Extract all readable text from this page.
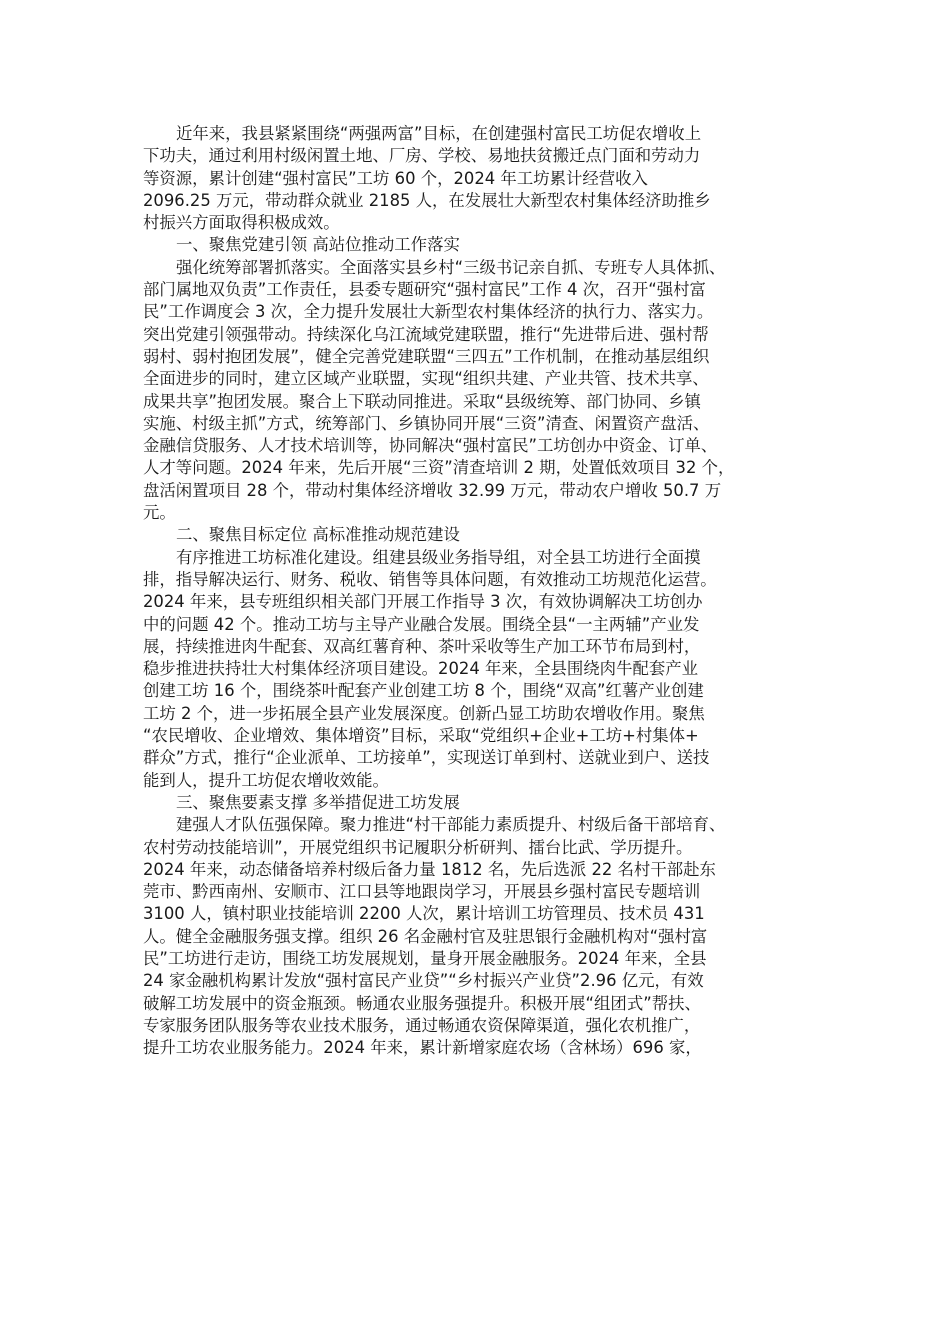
近年来，我县紧紧围绕“两强两富”目标，在创建强村富民工坊促农增收上
下功夫，通过利用村级闲置土地、厂房、学校、易地扶贫搬迁点门面和劳动力
等资源，累计创建“强村富民”工坊 60 个，2024 年工坊累计经营收入
2096.25 万元，带动群众就业 2185 人，在发展壮大新型农村集体经济助推乡
村振兴方面取得积极成效。
一、聚焦党建引领 高站位推动工作落实
强化统筹部署抓落实。全面落实县乡村“三级书记亲自抓、专班专人具体抓、
部门属地双负责”工作责任，县委专题研究“强村富民”工作 4 次，召开“强村富
民”工作调度会 3 次，全力提升发展壮大新型农村集体经济的执行力、落实力。
突出党建引领强带动。持续深化乌江流域党建联盟，推行“先进带后进、强村帮
弱村、弱村抱团发展”，健全完善党建联盟“三四五”工作机制，在推动基层组织
全面进步的同时，建立区域产业联盟，实现“组织共建、产业共管、技术共享、
成果共享”抱团发展。聚合上下联动同推进。采取“县级统筹、部门协同、乡镇
实施、村级主抓”方式，统筹部门、乡镇协同开展“三资”清查、闲置资产盘活、
金融信贷服务、人才技术培训等，协同解决“强村富民”工坊创办中资金、订单、
人才等问题。2024 年来，先后开展“三资”清查培训 2 期，处置低效项目 32 个，
盘活闲置项目 28 个，带动村集体经济增收 32.99 万元，带动农户增收 50.7 万
元。
二、聚焦目标定位 高标准推动规范建设
有序推进工坊标准化建设。组建县级业务指导组，对全县工坊进行全面摸
排，指导解决运行、财务、税收、销售等具体问题，有效推动工坊规范化运营。
2024 年来，县专班组织相关部门开展工作指导 3 次，有效协调解决工坊创办
中的问题 42 个。推动工坊与主导产业融合发展。围绕全县“一主两辅”产业发
展，持续推进肉牛配套、双高红薯育种、茶叶采收等生产加工环节布局到村，
稳步推进扶持壮大村集体经济项目建设。2024 年来，全县围绕肉牛配套产业
创建工坊 16 个，围绕茶叶配套产业创建工坊 8 个，围绕“双高”红薯产业创建
工坊 2 个，进一步拓展全县产业发展深度。创新凸显工坊助农增收作用。聚焦
“农民增收、企业增效、集体增资”目标，采取“党组织+企业+工坊+村集体+
群众”方式，推行“企业派单、工坊接单”，实现送订单到村、送就业到户、送技
能到人，提升工坊促农增收效能。
三、聚焦要素支撑 多举措促进工坊发展
建强人才队伍强保障。聚力推进“村干部能力素质提升、村级后备干部培育、
农村劳动技能培训”，开展党组织书记履职分析研判、擂台比武、学历提升。
2024 年来，动态储备培养村级后备力量 1812 名，先后选派 22 名村干部赴东
莞市、黔西南州、安顺市、江口县等地跟岗学习，开展县乡强村富民专题培训
3100 人，镇村职业技能培训 2200 人次，累计培训工坊管理员、技术员 431
人。健全金融服务强支撑。组织 26 名金融村官及驻思银行金融机构对“强村富
民”工坊进行走访，围绕工坊发展规划，量身开展金融服务。2024 年来，全县
24 家金融机构累计发放“强村富民产业贷”“乡村振兴产业贷”2.96 亿元，有效
破解工坊发展中的资金瓶颈。畅通农业服务强提升。积极开展“组团式”帮扶、
专家服务团队服务等农业技术服务，通过畅通农资保障渠道，强化农机推广，
提升工坊农业服务能力。2024 年来，累计新增家庭农场（含林场）696 家，
